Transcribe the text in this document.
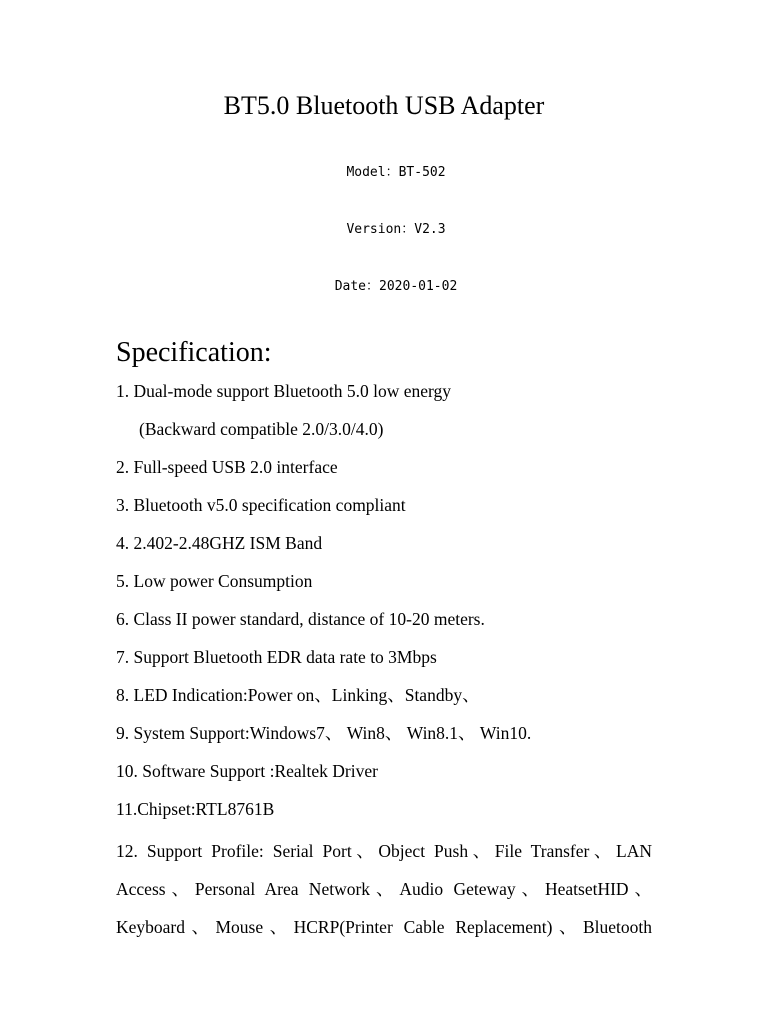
BT5.0 Bluetooth USB Adapter
Model：BT-502
Version：V2.3
Date：2020-01-02
Specification:
1. Dual-mode support Bluetooth 5.0 low energy
(Backward compatible 2.0/3.0/4.0)
2. Full-speed USB 2.0 interface
3. Bluetooth v5.0 specification compliant
4. 2.402-2.48GHZ ISM Band
5. Low power Consumption
6. Class II power standard, distance of 10-20 meters.
7. Support Bluetooth EDR data rate to 3Mbps
8. LED Indication:Power on、Linking、Standby、
9. System Support:Windows7、 Win8、 Win8.1、 Win10.
10. Software Support :Realtek Driver
11.Chipset:RTL8761B
12. Support Profile: Serial Port、Object Push、File Transfer、LAN
Access、Personal Area Network、Audio Geteway、HeatsetHID、
Keyboard、Mouse、HCRP(Printer Cable Replacement)、Bluetooth
